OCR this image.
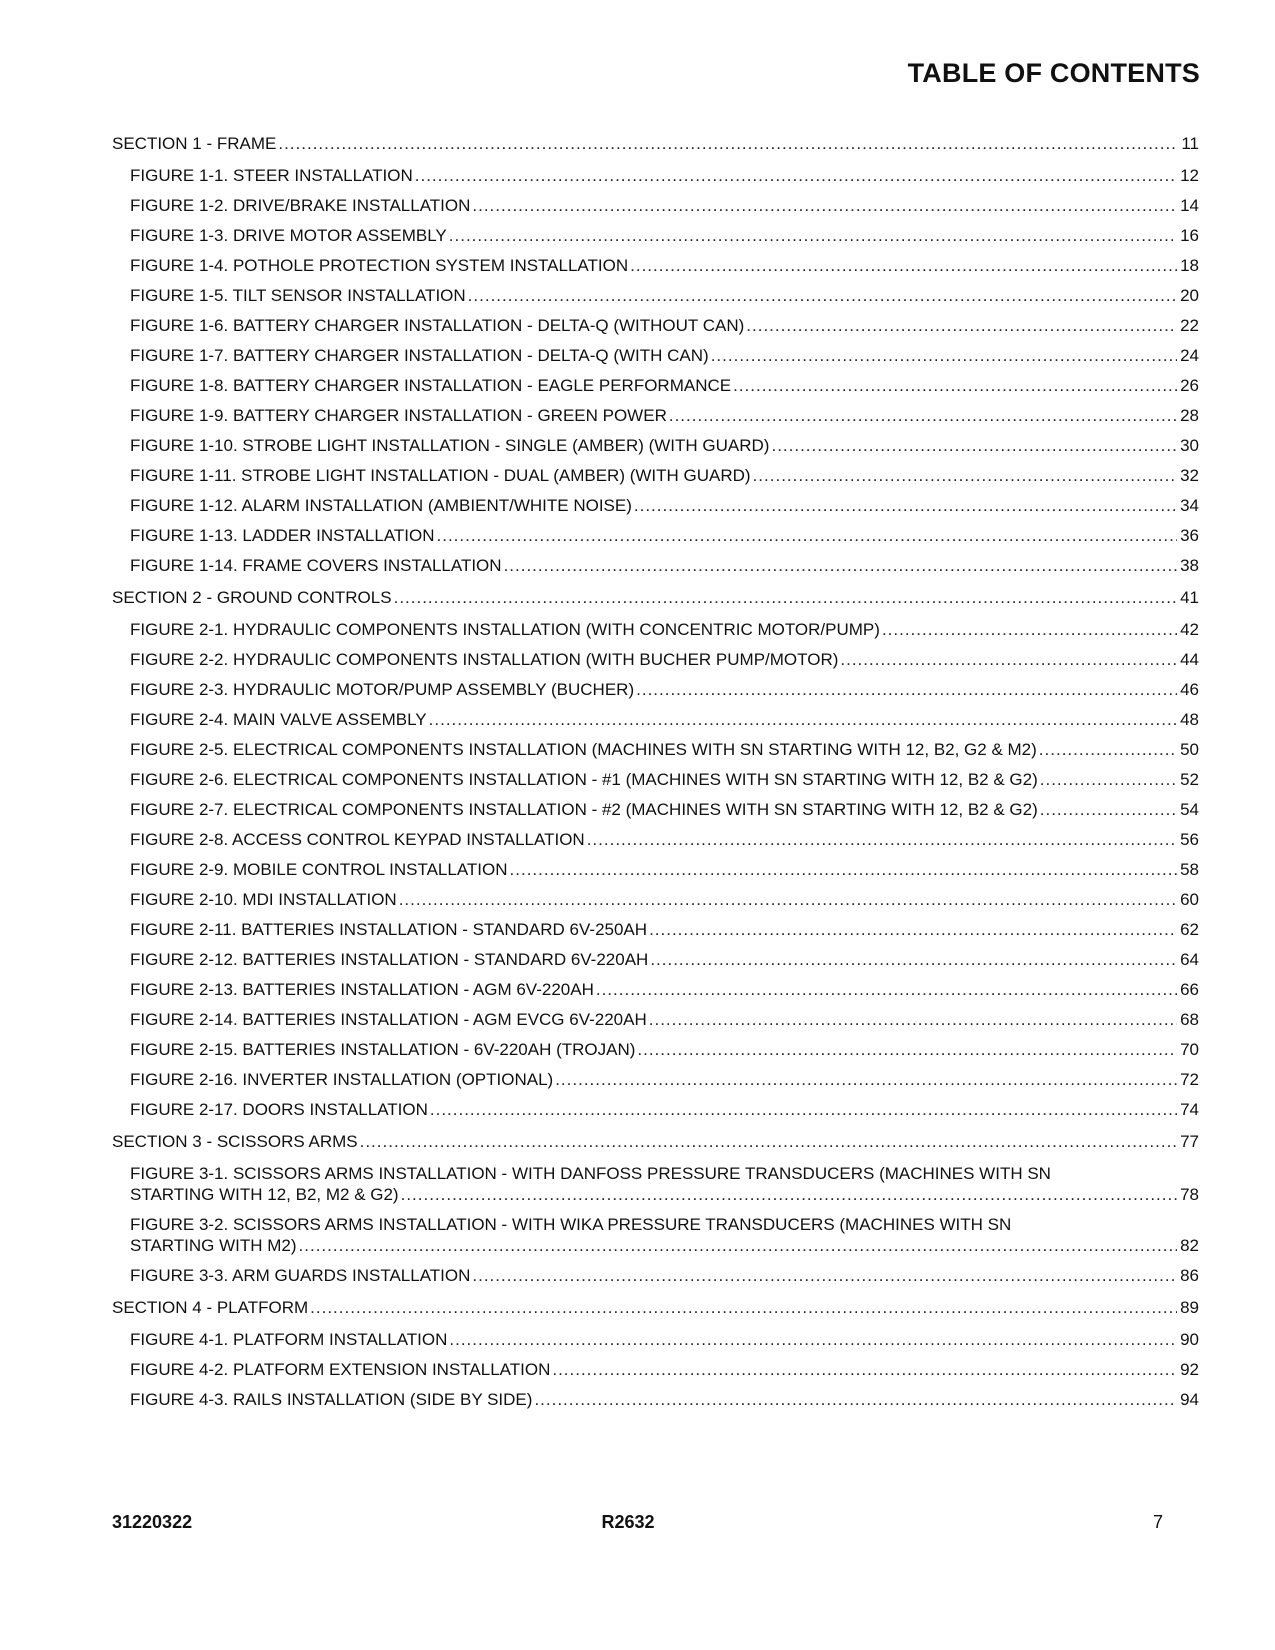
TABLE OF CONTENTS
SECTION 1 - FRAME .....	11
FIGURE 1-1. STEER INSTALLATION .....	12
FIGURE 1-2. DRIVE/BRAKE INSTALLATION .....	14
FIGURE 1-3. DRIVE MOTOR ASSEMBLY .....	16
FIGURE 1-4. POTHOLE PROTECTION SYSTEM INSTALLATION .....	18
FIGURE 1-5. TILT SENSOR INSTALLATION .....	20
FIGURE 1-6. BATTERY CHARGER INSTALLATION - DELTA-Q (WITHOUT CAN) .....	22
FIGURE 1-7. BATTERY CHARGER INSTALLATION - DELTA-Q (WITH CAN) .....	24
FIGURE 1-8. BATTERY CHARGER INSTALLATION - EAGLE PERFORMANCE .....	26
FIGURE 1-9. BATTERY CHARGER INSTALLATION - GREEN POWER .....	28
FIGURE 1-10. STROBE LIGHT INSTALLATION - SINGLE (AMBER) (WITH GUARD) .....	30
FIGURE 1-11. STROBE LIGHT INSTALLATION - DUAL (AMBER) (WITH GUARD) .....	32
FIGURE 1-12. ALARM INSTALLATION (AMBIENT/WHITE NOISE) .....	34
FIGURE 1-13. LADDER INSTALLATION .....	36
FIGURE 1-14. FRAME COVERS INSTALLATION .....	38
SECTION 2 - GROUND CONTROLS .....	41
FIGURE 2-1. HYDRAULIC COMPONENTS INSTALLATION (WITH CONCENTRIC MOTOR/PUMP) .....	42
FIGURE 2-2. HYDRAULIC COMPONENTS INSTALLATION (WITH BUCHER PUMP/MOTOR) .....	44
FIGURE 2-3. HYDRAULIC MOTOR/PUMP ASSEMBLY (BUCHER) .....	46
FIGURE 2-4. MAIN VALVE ASSEMBLY .....	48
FIGURE 2-5. ELECTRICAL COMPONENTS INSTALLATION (MACHINES WITH SN STARTING WITH 12, B2, G2 & M2) .....	50
FIGURE 2-6. ELECTRICAL COMPONENTS INSTALLATION - #1 (MACHINES WITH SN STARTING WITH 12, B2 & G2) .....	52
FIGURE 2-7. ELECTRICAL COMPONENTS INSTALLATION - #2 (MACHINES WITH SN STARTING WITH 12, B2 & G2) .....	54
FIGURE 2-8. ACCESS CONTROL KEYPAD INSTALLATION .....	56
FIGURE 2-9. MOBILE CONTROL INSTALLATION .....	58
FIGURE 2-10. MDI INSTALLATION .....	60
FIGURE 2-11. BATTERIES INSTALLATION - STANDARD 6V-250AH .....	62
FIGURE 2-12. BATTERIES INSTALLATION - STANDARD 6V-220AH .....	64
FIGURE 2-13. BATTERIES INSTALLATION - AGM 6V-220AH .....	66
FIGURE 2-14. BATTERIES INSTALLATION - AGM EVCG 6V-220AH .....	68
FIGURE 2-15. BATTERIES INSTALLATION - 6V-220AH (TROJAN) .....	70
FIGURE 2-16. INVERTER INSTALLATION (OPTIONAL) .....	72
FIGURE 2-17. DOORS INSTALLATION .....	74
SECTION 3 - SCISSORS ARMS .....	77
FIGURE 3-1. SCISSORS ARMS INSTALLATION - WITH DANFOSS PRESSURE TRANSDUCERS (MACHINES WITH SN
STARTING WITH 12, B2, M2 & G2) .....	78
FIGURE 3-2. SCISSORS ARMS INSTALLATION - WITH WIKA PRESSURE TRANSDUCERS (MACHINES WITH SN
STARTING WITH M2) .....	82
FIGURE 3-3. ARM GUARDS INSTALLATION .....	86
SECTION 4 - PLATFORM .....	89
FIGURE 4-1. PLATFORM INSTALLATION .....	90
FIGURE 4-2. PLATFORM EXTENSION INSTALLATION .....	92
FIGURE 4-3. RAILS INSTALLATION (SIDE BY SIDE) .....	94
31220322	R2632	7
